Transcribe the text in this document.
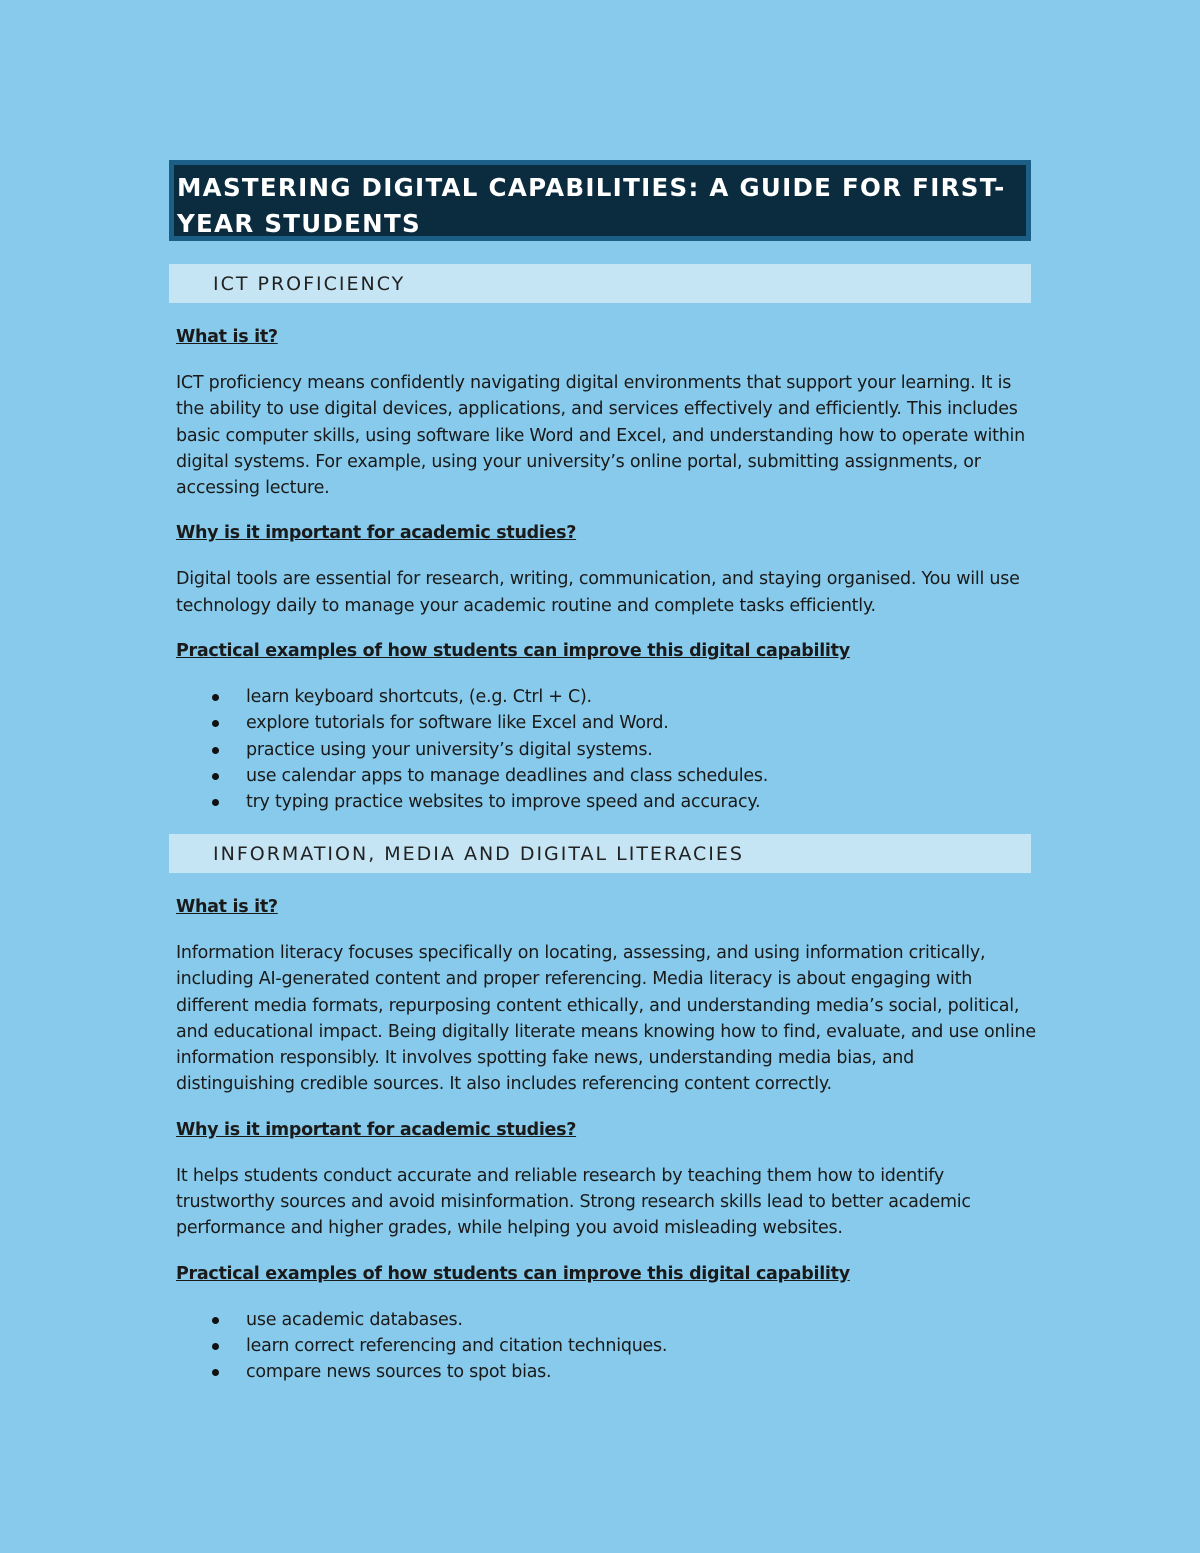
MASTERING DIGITAL CAPABILITIES: A GUIDE FOR FIRST-YEAR STUDENTS
ICT PROFICIENCY

What is it?

ICT proficiency means confidently navigating digital environments that support your learning. It is the ability to use digital devices, applications, and services effectively and efficiently. This includes basic computer skills, using software like Word and Excel, and understanding how to operate within digital systems. For example, using your university’s online portal, submitting assignments, or accessing lecture.

Why is it important for academic studies?

Digital tools are essential for research, writing, communication, and staying organised. You will use technology daily to manage your academic routine and complete tasks efficiently.

Practical examples of how students can improve this digital capability

learn keyboard shortcuts, (e.g. Ctrl + C).
explore tutorials for software like Excel and Word.
practice using your university’s digital systems.
use calendar apps to manage deadlines and class schedules.
try typing practice websites to improve speed and accuracy.
INFORMATION, MEDIA AND DIGITAL LITERACIES

What is it?

Information literacy focuses specifically on locating, assessing, and using information critically, including AI-generated content and proper referencing. Media literacy is about engaging with different media formats, repurposing content ethically, and understanding media’s social, political, and educational impact. Being digitally literate means knowing how to find, evaluate, and use online information responsibly. It involves spotting fake news, understanding media bias, and distinguishing credible sources. It also includes referencing content correctly.

Why is it important for academic studies?

It helps students conduct accurate and reliable research by teaching them how to identify trustworthy sources and avoid misinformation. Strong research skills lead to better academic performance and higher grades, while helping you avoid misleading websites.

Practical examples of how students can improve this digital capability

use academic databases.
learn correct referencing and citation techniques.
compare news sources to spot bias.
